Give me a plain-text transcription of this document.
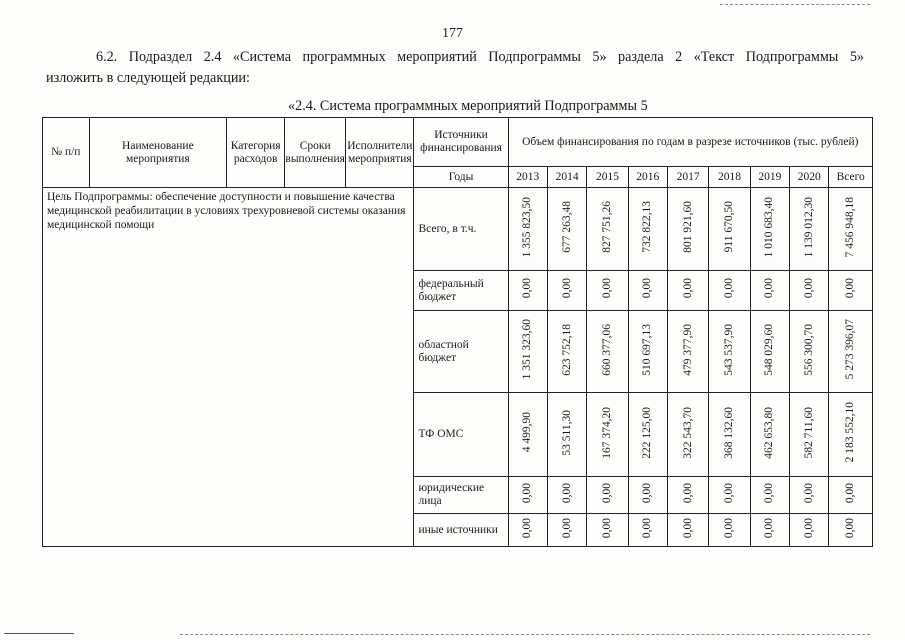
177
6.2. Подраздел 2.4 «Система программных мероприятий Подпрограммы 5» раздела 2 «Текст Подпрограммы 5»
изложить в следующей редакции:
«2.4. Система программных мероприятий Подпрограммы 5
№ п/п	Наименование мероприятия	Категория расходов	Сроки выполнения	Исполнители мероприятия	Источники финансирования	Объем финансирования по годам в разрезе источников (тыс. рублей)								
					Годы	2013	2014	2015	2016	2017	2018	2019	2020	Всего
Цель Подпрограммы: обеспечение доступности и повышение качества медицинской реабилитации в условиях трехуровневой системы оказания медицинской помощи					Всего, в т.ч.	1 355 823,50	677 263,48	827 751,26	732 822,13	801 921,60	911 670,50	1 010 683,40	1 139 012,30	7 456 948,18
					федеральный бюджет	0,00	0,00	0,00	0,00	0,00	0,00	0,00	0,00	0,00
					областной бюджет	1 351 323,60	623 752,18	660 377,06	510 697,13	479 377,90	543 537,90	548 029,60	556 300,70	5 273 396,07
					ТФ ОМС	4 499,90	53 511,30	167 374,20	222 125,00	322 543,70	368 132,60	462 653,80	582 711,60	2 183 552,10
					юридические лица	0,00	0,00	0,00	0,00	0,00	0,00	0,00	0,00	0,00
					иные источники	0,00	0,00	0,00	0,00	0,00	0,00	0,00	0,00	0,00
